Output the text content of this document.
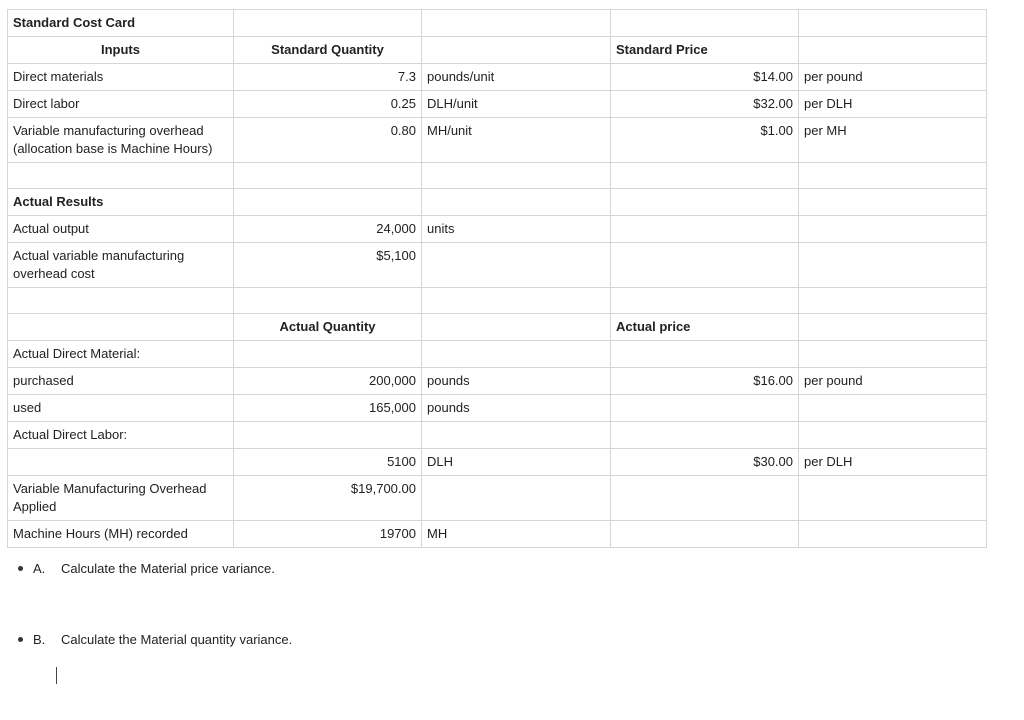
Standard Cost Card				
Inputs	Standard Quantity		Standard Price	
Direct materials	7.3	pounds/unit	$14.00	per pound
Direct labor	0.25	DLH/unit	$32.00	per DLH
Variable manufacturing overhead (allocation base is Machine Hours)	0.80	MH/unit	$1.00	per MH

Actual Results				
Actual output	24,000	units		
Actual variable manufacturing overhead cost	$5,100			

	Actual Quantity		Actual price	
Actual Direct Material:				
purchased	200,000	pounds	$16.00	per pound
used	165,000	pounds		
Actual Direct Labor:				
	5100	DLH	$30.00	per DLH
Variable Manufacturing Overhead Applied	$19,700.00			
Machine Hours (MH) recorded	19700	MH		
A.	Calculate the Material price variance.
B.	Calculate the Material quantity variance.
